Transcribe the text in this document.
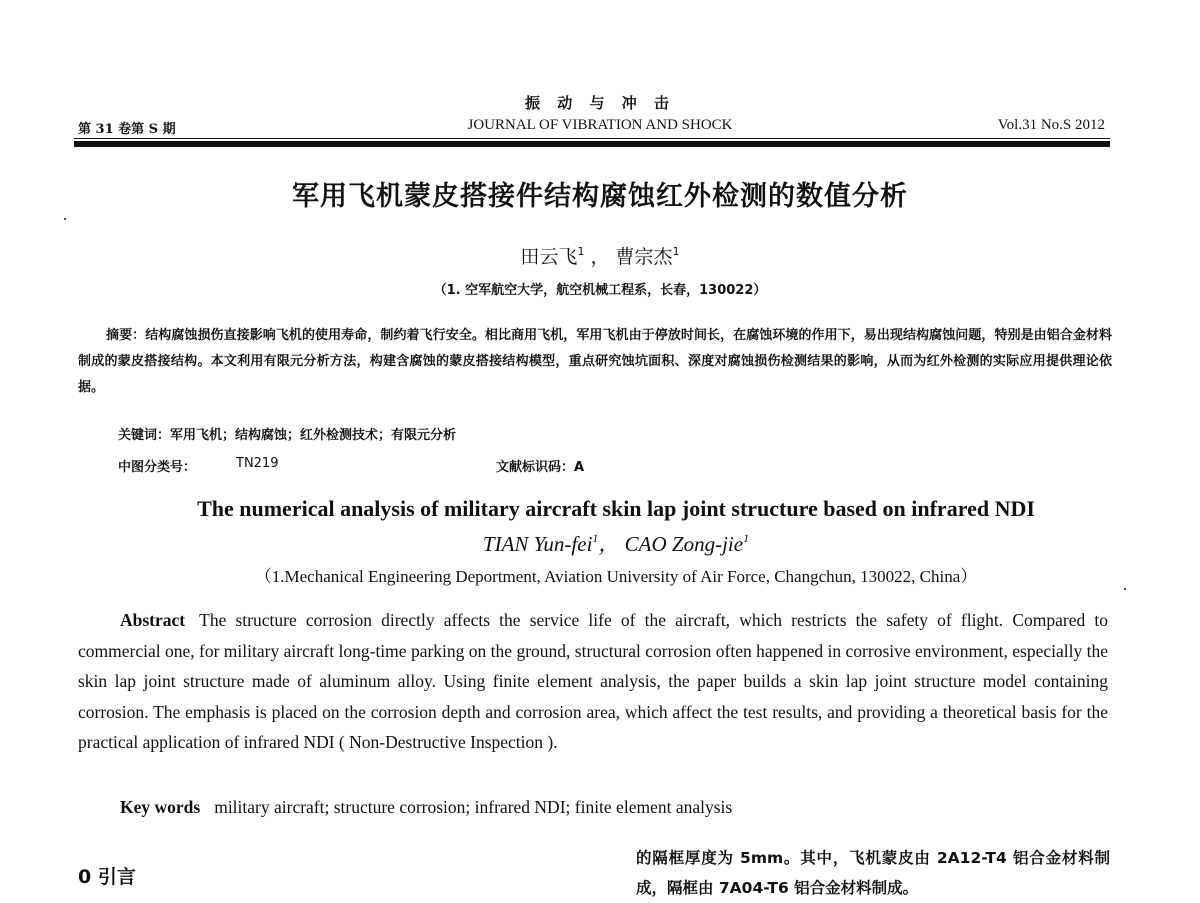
振 动 与 冲 击
第 31 卷第 S 期	JOURNAL OF VIBRATION AND SHOCK	Vol.31 No.S 2012
军用飞机蒙皮搭接件结构腐蚀红外检测的数值分析
田云飞$^1$ ， 曹宗杰$^1$
（1. 空军航空大学，航空机械工程系，长春，130022）
摘要：结构腐蚀损伤直接影响飞机的使用寿命，制约着飞行安全。相比商用飞机，军用飞机由于停放时间长，在腐蚀环境的作用下，易出现结构腐蚀问题，特别是由铝合金材料制成的蒙皮搭接结构。本文利用有限元分析方法，构建含腐蚀的蒙皮搭接结构模型，重点研究蚀坑面积、深度对腐蚀损伤检测结果的影响，从而为红外检测的实际应用提供理论依据。
关键词：军用飞机；结构腐蚀；红外检测技术；有限元分析
中图分类号：	TN219	文献标识码：A
The numerical analysis of military aircraft skin lap joint structure based on infrared NDI
TIAN Yun-fei$^1$， CAO Zong-jie$^1$
（1.Mechanical Engineering Deportment, Aviation University of Air Force, Changchun, 130022, China）
Abstract The structure corrosion directly affects the service life of the aircraft, which restricts the safety of flight. Compared to commercial one, for military aircraft long-time parking on the ground, structural corrosion often happened in corrosive environment, especially the skin lap joint structure made of aluminum alloy. Using finite element analysis, the paper builds a skin lap joint structure model containing corrosion. The emphasis is placed on the corrosion depth and corrosion area, which affect the test results, and providing a theoretical basis for the practical application of infrared NDI ( Non-Destructive Inspection ).
Key words military aircraft; structure corrosion; infrared NDI; finite element analysis
0 引言
的隔框厚度为 5mm。其中，飞机蒙皮由 2A12-T4 铝合金材料制成，隔框由 7A04-T6 铝合金材料制成。
